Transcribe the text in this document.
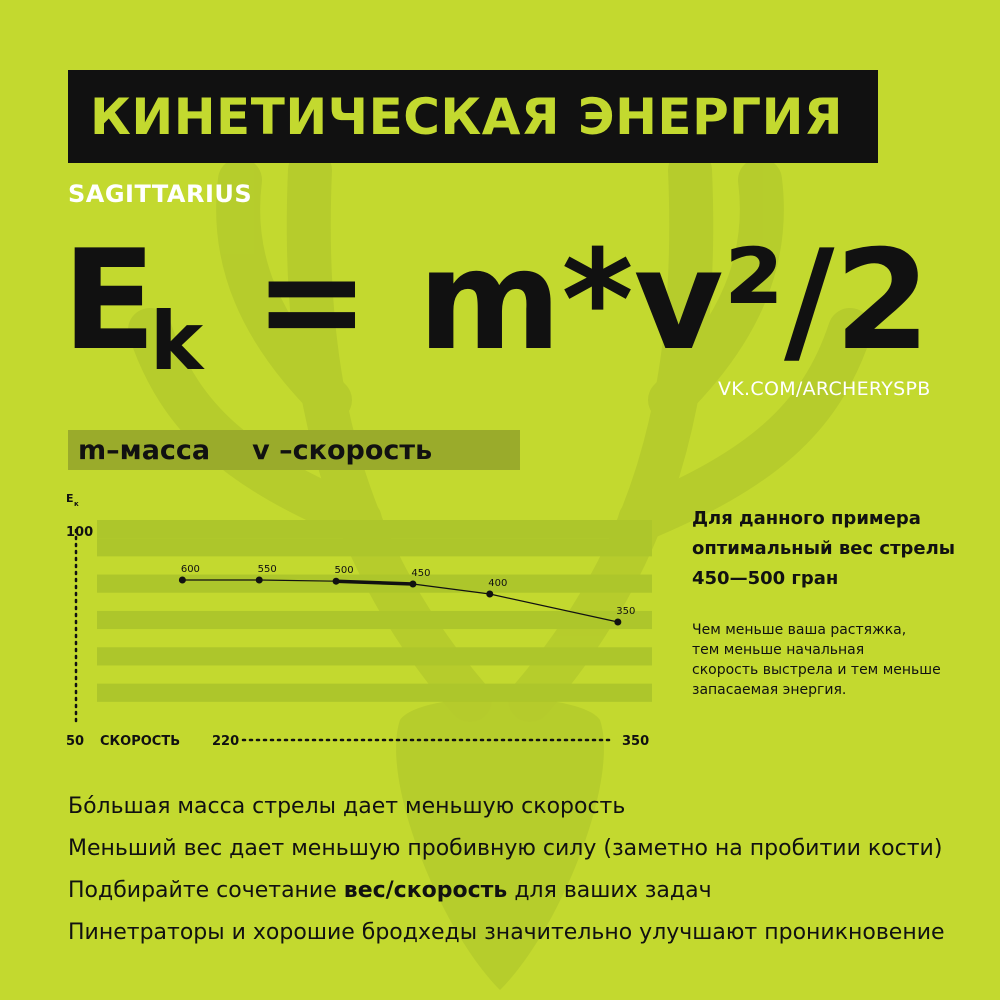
КИНЕТИЧЕСКАЯ ЭНЕРГИЯ
SAGITTARIUS
E
k = m*v²/2
VK.COM/ARCHERYSPB
m–масса v –скорость
E к
100
50 СКОРОСТЬ 220	350
600	550	500	450
400
350
Для данного примера
оптимальный вес стрелы
450—500 гран
Чем меньше ваша растяжка,
тем меньше начальная
скорость выстрела и тем меньше
запасаемая энергия.
Бо́льшая масса стрелы дает меньшую скорость
Меньший вес дает меньшую пробивную силу (заметно на пробитии кости)
Подбирайте сочетание вес/скорость для ваших задач
Пинетраторы и хорошие бродхеды значительно улучшают проникновение
